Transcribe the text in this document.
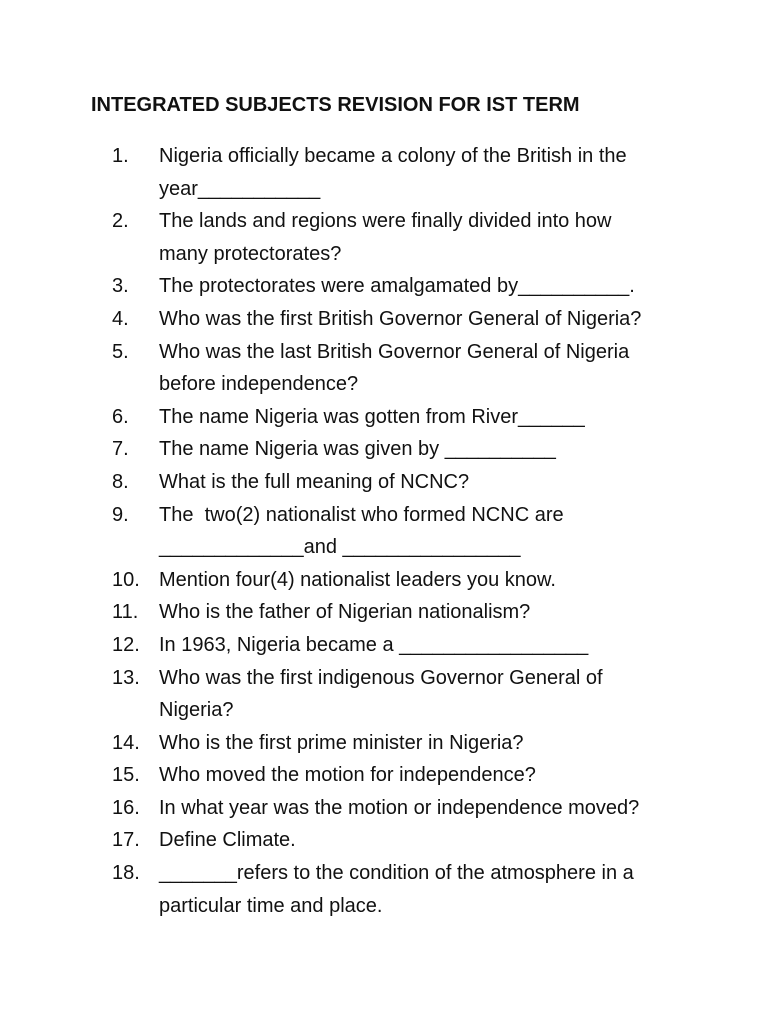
INTEGRATED SUBJECTS REVISION FOR IST TERM
1.	Nigeria officially became a colony of the British in the
year___________
2.	The lands and regions were finally divided into how
many protectorates?
3.	The protectorates were amalgamated by__________.
4.	Who was the first British Governor General of Nigeria?
5.	Who was the last British Governor General of Nigeria
before independence?
6.	The name Nigeria was gotten from River______
7.	The name Nigeria was given by __________
8.	What is the full meaning of NCNC?
9.	The  two(2) nationalist who formed NCNC are
_____________and ________________
10. Mention four(4) nationalist leaders you know.
11.	Who is the father of Nigerian nationalism?
12. In 1963, Nigeria became a _________________
13. Who was the first indigenous Governor General of
Nigeria?
14. Who is the first prime minister in Nigeria?
15. Who moved the motion for independence?
16. In what year was the motion or independence moved?
17. Define Climate.
18. _______refers to the condition of the atmosphere in a
particular time and place.
